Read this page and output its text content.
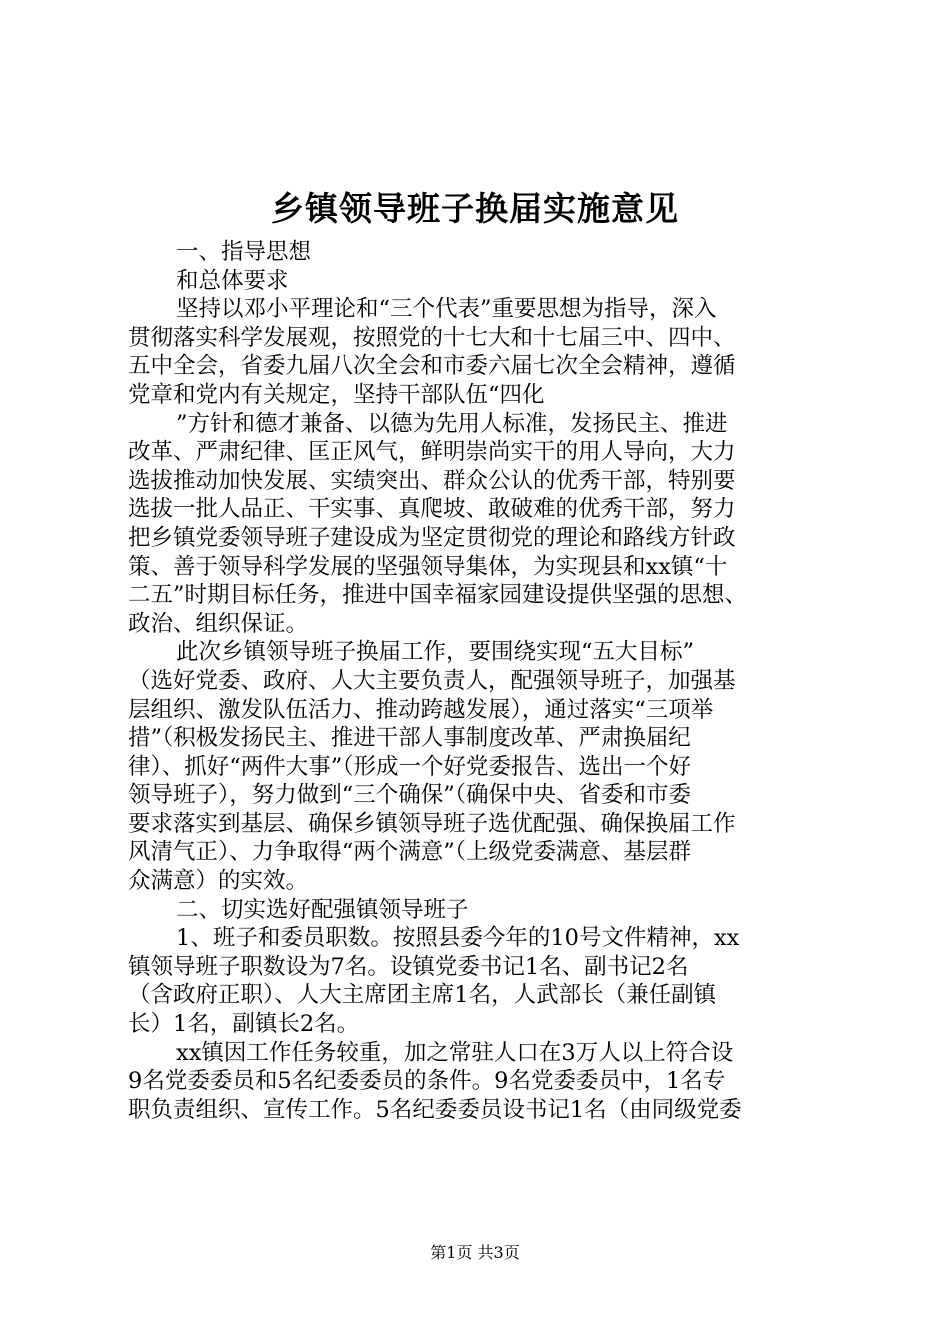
乡镇领导班子换届实施意见

一、指导思想

和总体要求

坚持以邓小平理论和“三个代表”重要思想为指导，深入

贯彻落实科学发展观，按照党的十七大和十七届三中、四中、

五中全会，省委九届八次全会和市委六届七次全会精神，遵循

党章和党内有关规定，坚持干部队伍“四化

”方针和德才兼备、以德为先用人标准，发扬民主、推进

改革、严肃纪律、匡正风气，鲜明崇尚实干的用人导向，大力

选拔推动加快发展、实绩突出、群众公认的优秀干部，特别要

选拔一批人品正、干实事、真爬坡、敢破难的优秀干部，努力

把乡镇党委领导班子建设成为坚定贯彻党的理论和路线方针政

策、善于领导科学发展的坚强领导集体，为实现县和xx镇“十

二五”时期目标任务，推进中国幸福家园建设提供坚强的思想、

政治、组织保证。

此次乡镇领导班子换届工作，要围绕实现“五大目标”

（选好党委、政府、人大主要负责人，配强领导班子，加强基

层组织、激发队伍活力、推动跨越发展），通过落实“三项举

措”（积极发扬民主、推进干部人事制度改革、严肃换届纪

律）、抓好“两件大事”（形成一个好党委报告、选出一个好

领导班子），努力做到“三个确保”（确保中央、省委和市委

要求落实到基层、确保乡镇领导班子选优配强、确保换届工作

风清气正）、力争取得“两个满意”（上级党委满意、基层群

众满意）的实效。

二、切实选好配强镇领导班子

1、班子和委员职数。按照县委今年的10号文件精神，xx

镇领导班子职数设为7名。设镇党委书记1名、副书记2名

（含政府正职）、人大主席团主席1名，人武部长（兼任副镇

长）1名，副镇长2名。

xx镇因工作任务较重，加之常驻人口在3万人以上符合设

9名党委委员和5名纪委委员的条件。9名党委委员中，1名专

职负责组织、宣传工作。5名纪委委员设书记1名（由同级党委

第1页 共3页
